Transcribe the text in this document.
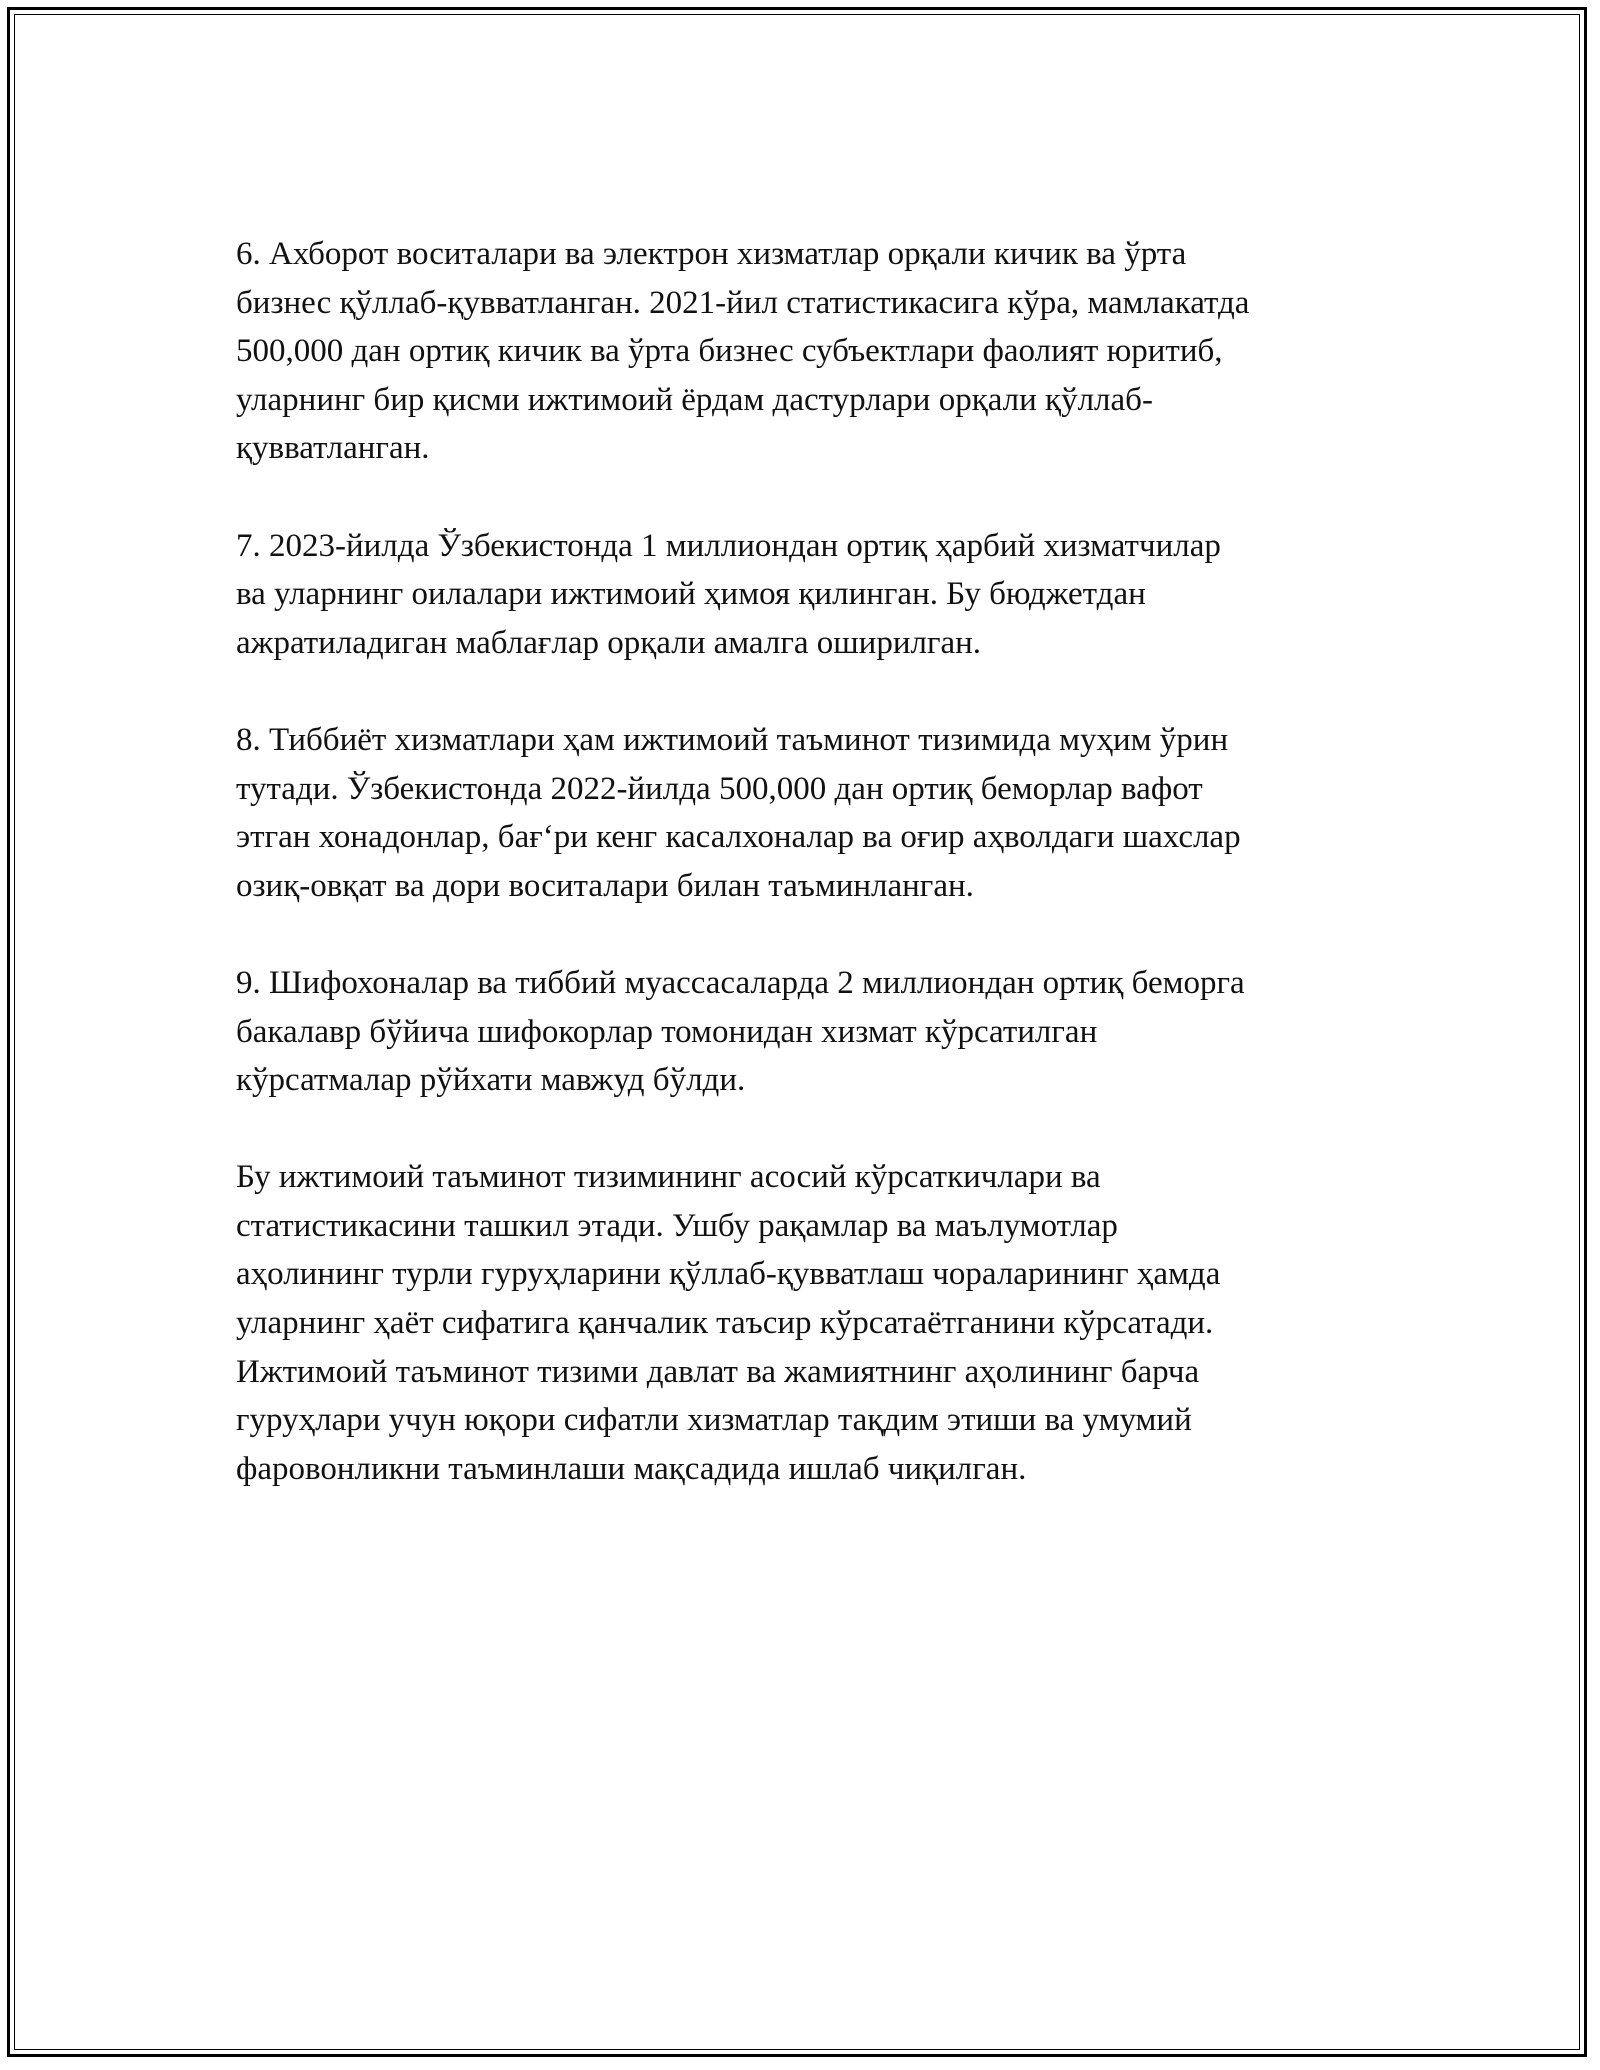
6. Ахборот воситалари ва электрон хизматлар орқали кичик ва ўрта
бизнес қўллаб-қувватланган. 2021-йил статистикасига кўра, мамлакатда
500,000 дан ортиқ кичик ва ўрта бизнес субъектлари фаолият юритиб,
уларнинг бир қисми ижтимоий ёрдам дастурлари орқали қўллаб-
қувватланган.

7. 2023-йилда Ўзбекистонда 1 миллиондан ортиқ ҳарбий хизматчилар
ва уларнинг оилалари ижтимоий ҳимоя қилинган. Бу бюджетдан
ажратиладиган маблағлар орқали амалга оширилган.

8. Тиббиёт хизматлари ҳам ижтимоий таъминот тизимида муҳим ўрин
тутади. Ўзбекистонда 2022-йилда 500,000 дан ортиқ беморлар вафот
этган хонадонлар, бағʻри кенг касалхоналар ва оғир аҳволдаги шахслар
озиқ-овқат ва дори воситалари билан таъминланган.

9. Шифохоналар ва тиббий муассасаларда 2 миллиондан ортиқ беморга
бакалавр бўйича шифокорлар томонидан хизмат кўрсатилган
кўрсатмалар рўйхати мавжуд бўлди.

Бу ижтимоий таъминот тизимининг асосий кўрсаткичлари ва
статистикасини ташкил этади. Ушбу рақамлар ва маълумотлар
аҳолининг турли гуруҳларини қўллаб-қувватлаш чораларининг ҳамда
уларнинг ҳаёт сифатига қанчалик таъсир кўрсатаётганини кўрсатади.
Ижтимоий таъминот тизими давлат ва жамиятнинг аҳолининг барча
гуруҳлари учун юқори сифатли хизматлар тақдим этиши ва умумий
фаровонликни таъминлаши мақсадида ишлаб чиқилган.
